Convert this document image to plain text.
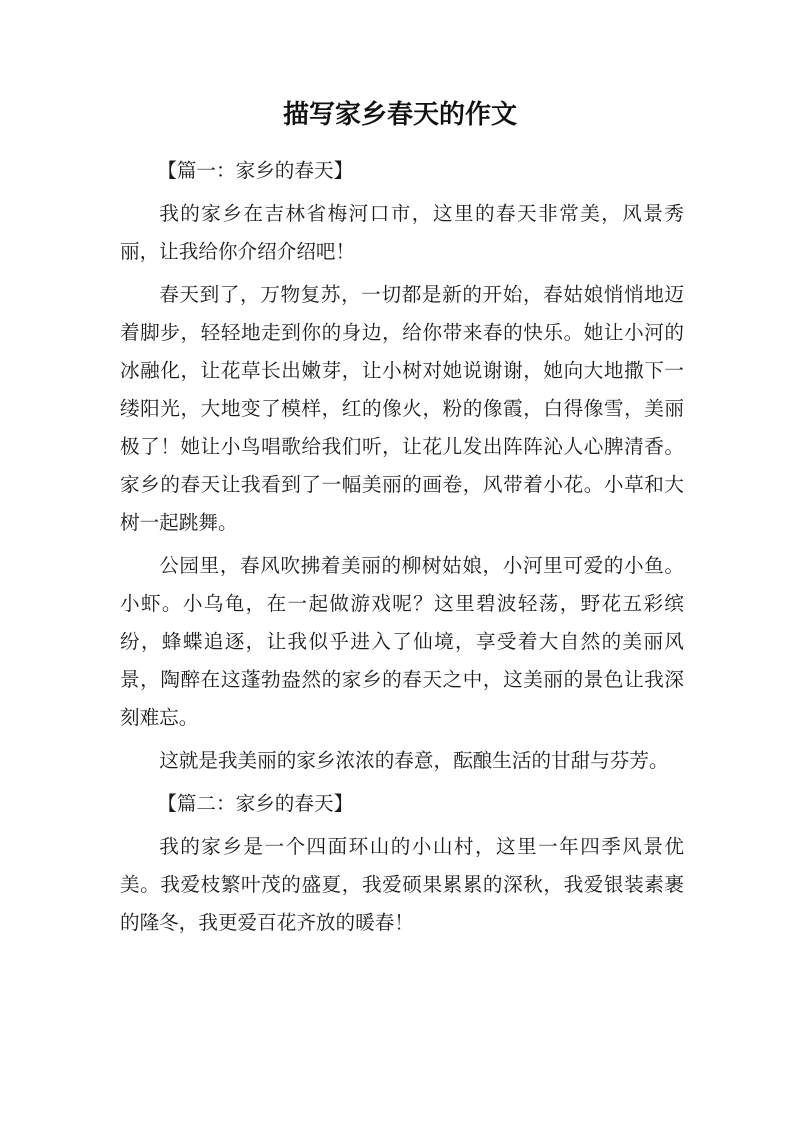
描写家乡春天的作文

【篇一：家乡的春天】

我的家乡在吉林省梅河口市，这里的春天非常美，风景秀丽，让我给你介绍介绍吧！

春天到了，万物复苏，一切都是新的开始，春姑娘悄悄地迈着脚步，轻轻地走到你的身边，给你带来春的快乐。她让小河的冰融化，让花草长出嫩芽，让小树对她说谢谢，她向大地撒下一缕阳光，大地变了模样，红的像火，粉的像霞，白得像雪，美丽极了！她让小鸟唱歌给我们听，让花儿发出阵阵沁人心脾清香。家乡的春天让我看到了一幅美丽的画卷，风带着小花。小草和大树一起跳舞。

公园里，春风吹拂着美丽的柳树姑娘，小河里可爱的小鱼。小虾。小乌龟，在一起做游戏呢？这里碧波轻荡，野花五彩缤纷，蜂蝶追逐，让我似乎进入了仙境，享受着大自然的美丽风景，陶醉在这蓬勃盎然的家乡的春天之中，这美丽的景色让我深刻难忘。

这就是我美丽的家乡浓浓的春意，酝酿生活的甘甜与芬芳。

【篇二：家乡的春天】

我的家乡是一个四面环山的小山村，这里一年四季风景优美。我爱枝繁叶茂的盛夏，我爱硕果累累的深秋，我爱银装素裹的隆冬，我更爱百花齐放的暖春！
